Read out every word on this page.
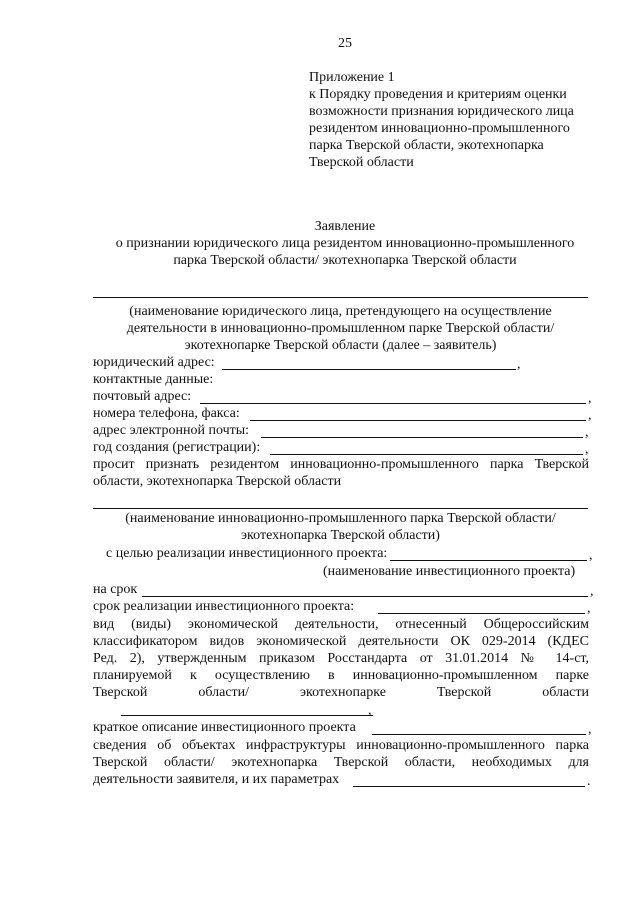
25
Приложение 1
к Порядку проведения и критериям оценки
возможности признания юридического лица
резидентом инновационно-промышленного
парка Тверской области, экотехнопарка
Тверской области
Заявление
о признании юридического лица резидентом инновационно-промышленного
парка Тверской области/ экотехнопарка Тверской области
(наименование юридического лица, претендующего на осуществление
деятельности в инновационно-промышленном парке Тверской области/
экотехнопарке Тверской области (далее – заявитель)
юридический адрес:	,
контактные данные:
почтовый адрес:	,
номера телефона, факса:	,
адрес электронной почты:	,
год создания (регистрации):	,
просит признать резидентом инновационно-промышленного парка Тверской
области, экотехнопарка Тверской области
(наименование инновационно-промышленного парка Тверской области/
экотехнопарка Тверской области)
с целью реализации инвестиционного проекта:	,
(наименование инвестиционного проекта)
на срок	,
срок реализации инвестиционного проекта:	,
вид (виды) экономической деятельности, отнесенный Общероссийским
классификатором видов экономической деятельности ОК 029-2014 (КДЕС
Ред. 2), утвержденным приказом Росстандарта от 31.01.2014 № 14-ст,
планируемой к осуществлению в инновационно-промышленном парке
Тверской области/ экотехнопарке Тверской области
,
краткое описание инвестиционного проекта	,
сведения об объектах инфраструктуры инновационно-промышленного парка
Тверской области/ экотехнопарка Тверской области, необходимых для
деятельности заявителя, и их параметрах	.
